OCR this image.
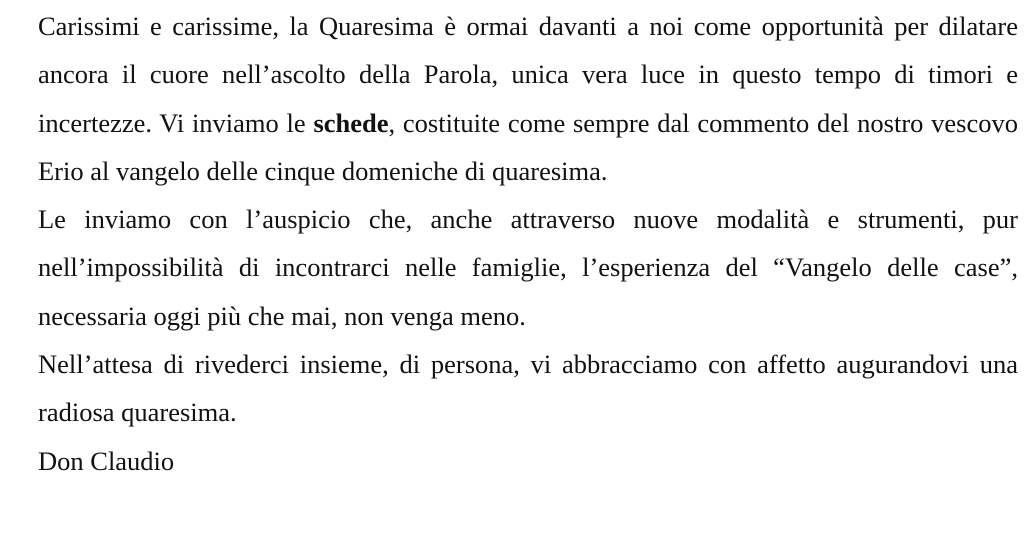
Carissimi e carissime, la Quaresima è ormai davanti a noi come opportunità per dilatare ancora il cuore nell’ascolto della Parola, unica vera luce in questo tempo di timori e incertezze. Vi inviamo le schede, costituite come sempre dal commento del nostro vescovo Erio al vangelo delle cinque domeniche di quaresima.

Le inviamo con l’auspicio che, anche attraverso nuove modalità e strumenti, pur nell’impossibilità di incontrarci nelle famiglie, l’esperienza del “Vangelo delle case”, necessaria oggi più che mai, non venga meno.

Nell’attesa di rivederci insieme, di persona, vi abbracciamo con affetto augurandovi una radiosa quaresima.

Don Claudio
